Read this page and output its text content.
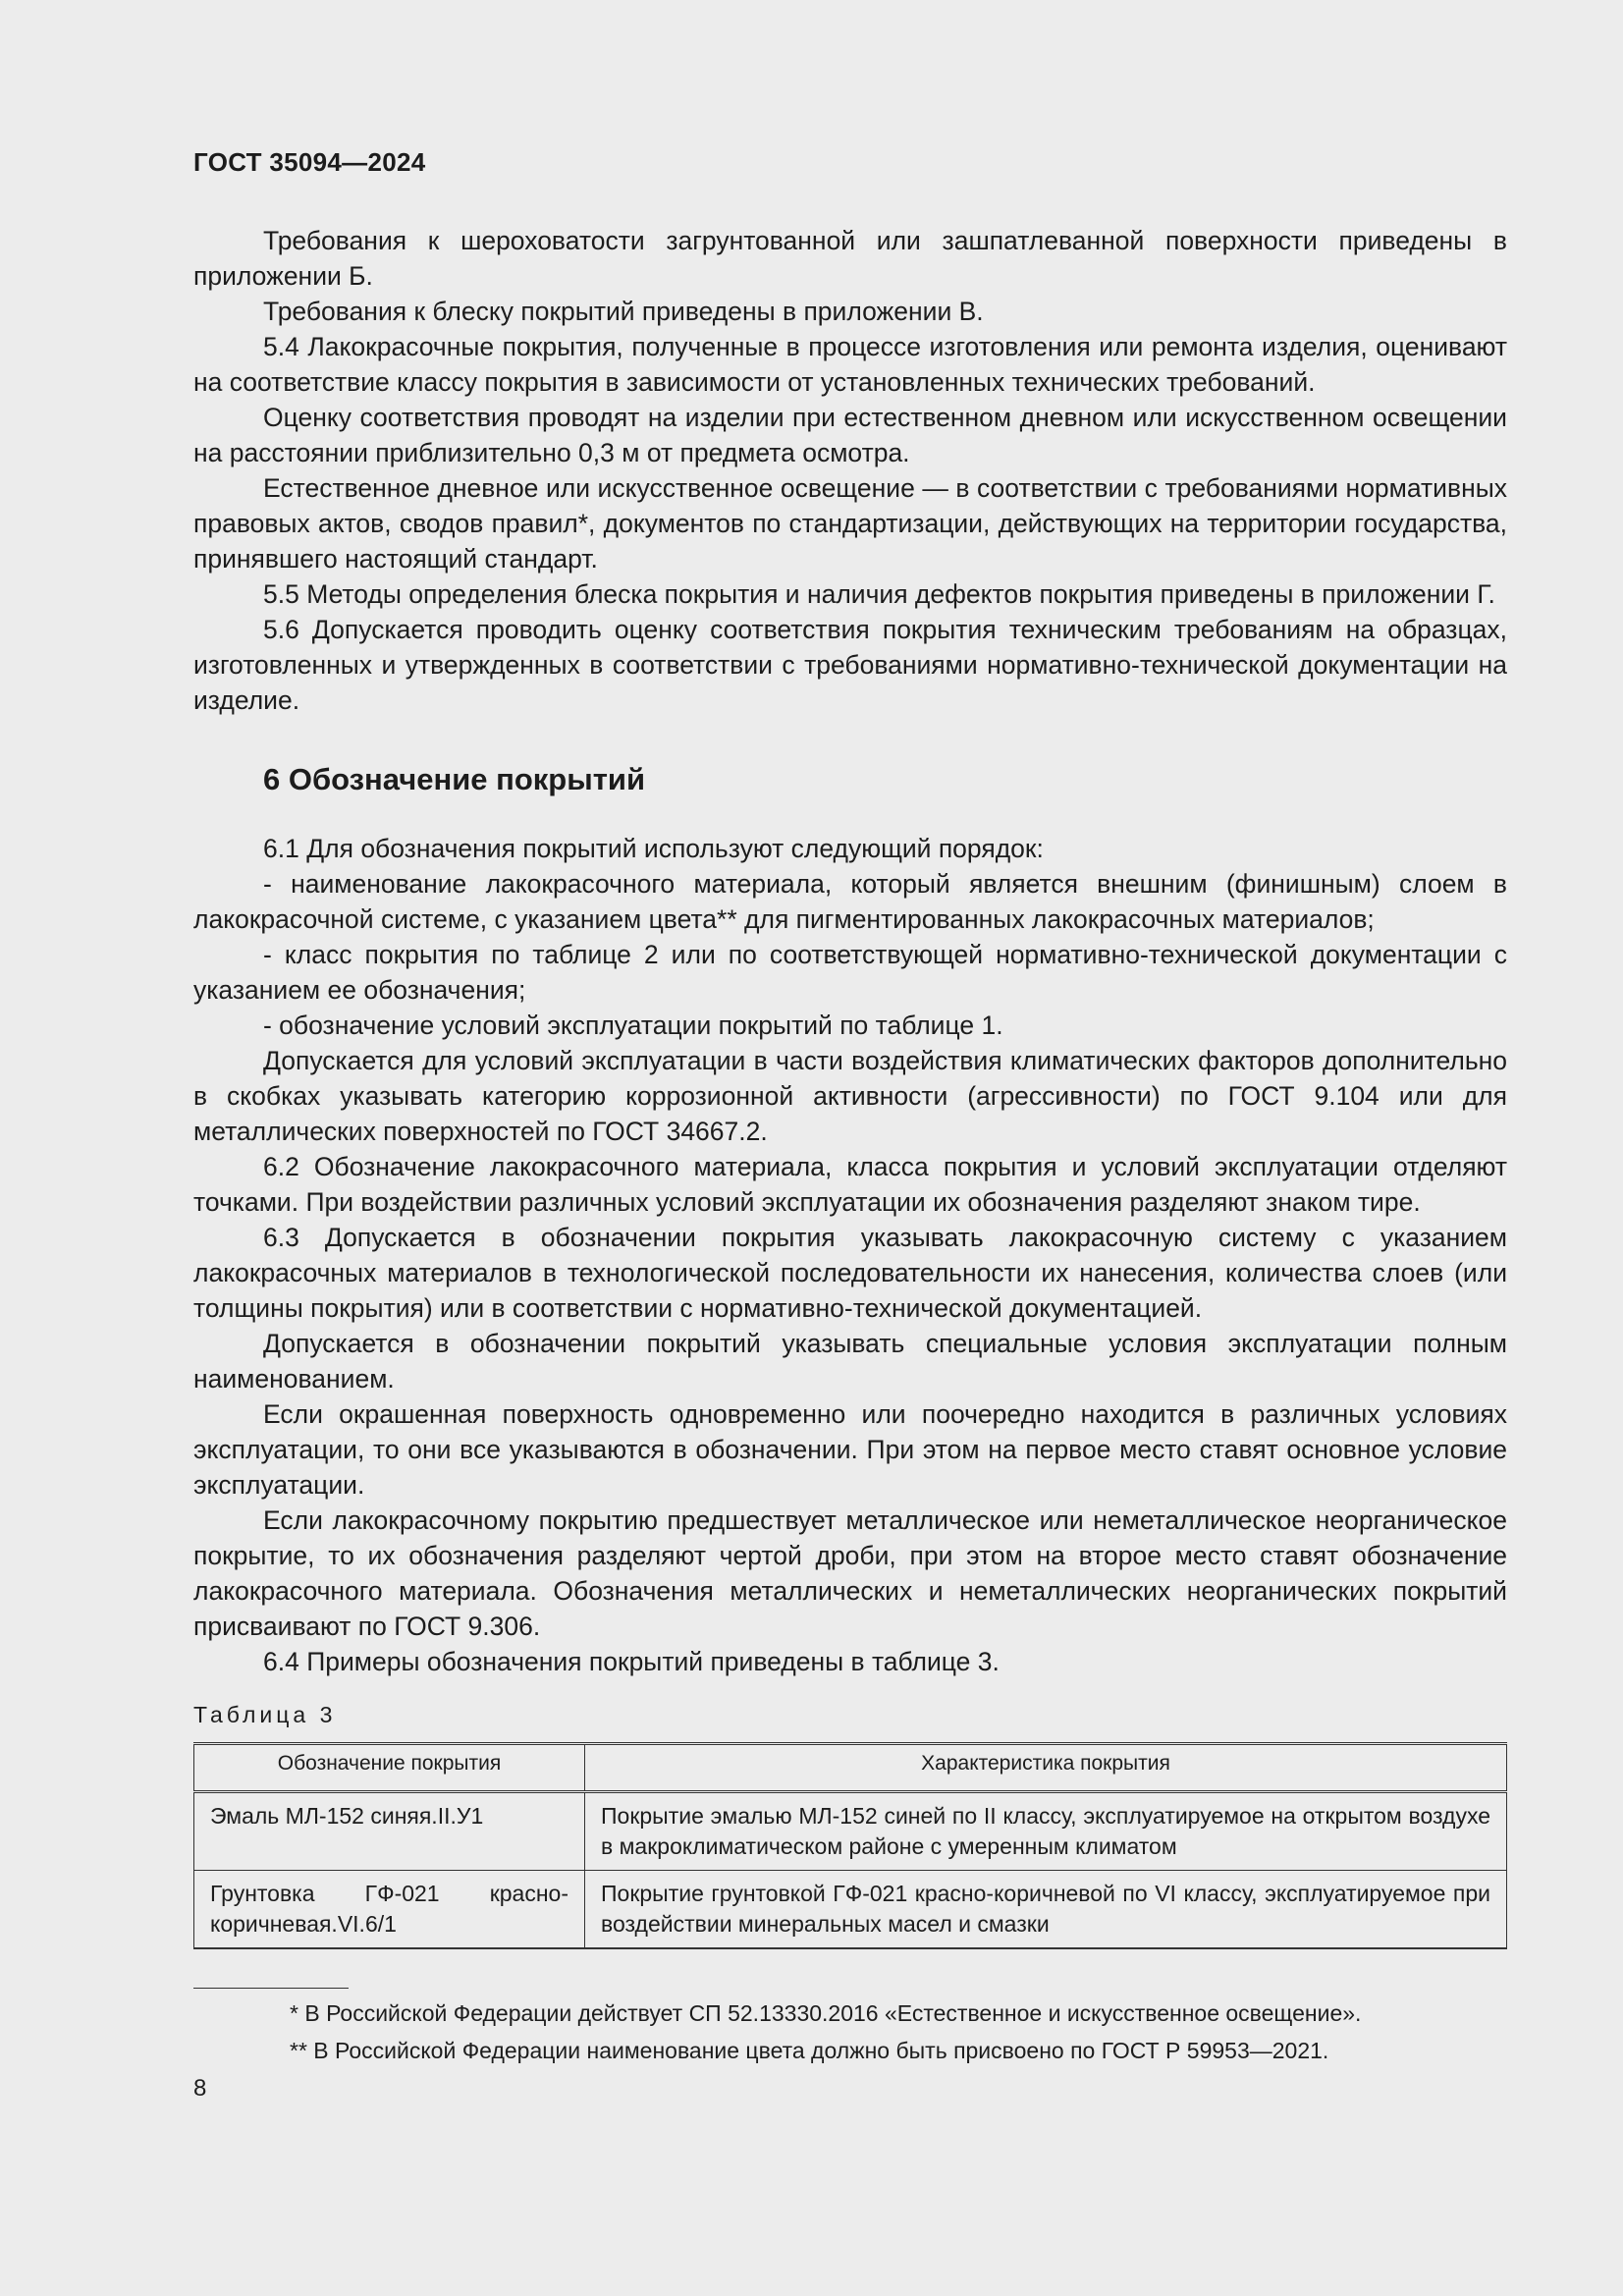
ГОСТ 35094—2024

Требования к шероховатости загрунтованной или зашпатлеванной поверхности приведены в приложении Б.

Требования к блеску покрытий приведены в приложении В.

5.4 Лакокрасочные покрытия, полученные в процессе изготовления или ремонта изделия, оценивают на соответствие классу покрытия в зависимости от установленных технических требований.

Оценку соответствия проводят на изделии при естественном дневном или искусственном освещении на расстоянии приблизительно 0,3 м от предмета осмотра.

Естественное дневное или искусственное освещение — в соответствии с требованиями нормативных правовых актов, сводов правил*, документов по стандартизации, действующих на территории государства, принявшего настоящий стандарт.

5.5 Методы определения блеска покрытия и наличия дефектов покрытия приведены в приложении Г.

5.6 Допускается проводить оценку соответствия покрытия техническим требованиям на образцах, изготовленных и утвержденных в соответствии с требованиями нормативно-технической документации на изделие.

6 Обозначение покрытий

6.1 Для обозначения покрытий используют следующий порядок:

- наименование лакокрасочного материала, который является внешним (финишным) слоем в лакокрасочной системе, с указанием цвета** для пигментированных лакокрасочных материалов;

- класс покрытия по таблице 2 или по соответствующей нормативно-технической документации с указанием ее обозначения;

- обозначение условий эксплуатации покрытий по таблице 1.

Допускается для условий эксплуатации в части воздействия климатических факторов дополнительно в скобках указывать категорию коррозионной активности (агрессивности) по ГОСТ 9.104 или для металлических поверхностей по ГОСТ 34667.2.

6.2 Обозначение лакокрасочного материала, класса покрытия и условий эксплуатации отделяют точками. При воздействии различных условий эксплуатации их обозначения разделяют знаком тире.

6.3 Допускается в обозначении покрытия указывать лакокрасочную систему с указанием лакокрасочных материалов в технологической последовательности их нанесения, количества слоев (или толщины покрытия) или в соответствии с нормативно-технической документацией.

Допускается в обозначении покрытий указывать специальные условия эксплуатации полным наименованием.

Если окрашенная поверхность одновременно или поочередно находится в различных условиях эксплуатации, то они все указываются в обозначении. При этом на первое место ставят основное условие эксплуатации.

Если лакокрасочному покрытию предшествует металлическое или неметаллическое неорганическое покрытие, то их обозначения разделяют чертой дроби, при этом на второе место ставят обозначение лакокрасочного материала. Обозначения металлических и неметаллических неорганических покрытий присваивают по ГОСТ 9.306.

6.4 Примеры обозначения покрытий приведены в таблице 3.

Таблица 3
Обозначение покрытия	Характеристика покрытия
Эмаль МЛ-152 синяя.II.У1	Покрытие эмалью МЛ-152 синей по II классу, эксплуатируемое на открытом воздухе в макроклиматическом районе с умеренным климатом
Грунтовка ГФ-021 красно-коричневая.VI.6/1	Покрытие грунтовкой ГФ-021 красно-коричневой по VI классу, эксплуатируемое при воздействии минеральных масел и смазки
* В Российской Федерации действует СП 52.13330.2016 «Естественное и искусственное освещение».
** В Российской Федерации наименование цвета должно быть присвоено по ГОСТ Р 59953—2021.
8
